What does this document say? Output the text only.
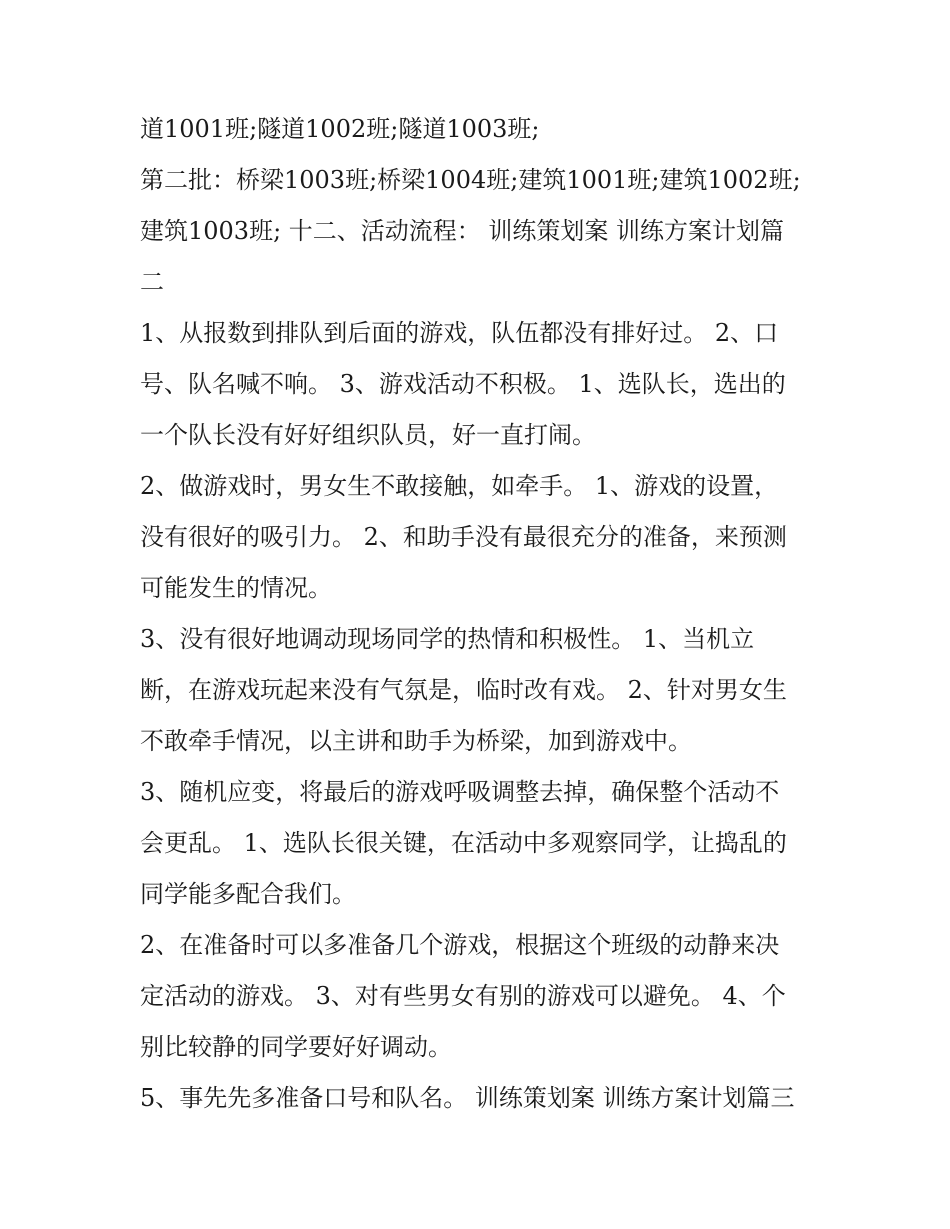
道1001班;隧道1002班;隧道1003班;
第二批：桥梁1003班;桥梁1004班;建筑1001班;建筑1002班;
建筑1003班; 十二、活动流程： 训练策划案 训练方案计划篇
二
1、从报数到排队到后面的游戏，队伍都没有排好过。 2、口
号、队名喊不响。 3、游戏活动不积极。 1、选队长，选出的
一个队长没有好好组织队员，好一直打闹。
2、做游戏时，男女生不敢接触，如牵手。 1、游戏的设置，
没有很好的吸引力。 2、和助手没有最很充分的准备，来预测
可能发生的情况。
3、没有很好地调动现场同学的热情和积极性。 1、当机立
断，在游戏玩起来没有气氛是，临时改有戏。 2、针对男女生
不敢牵手情况，以主讲和助手为桥梁，加到游戏中。
3、随机应变，将最后的游戏呼吸调整去掉，确保整个活动不
会更乱。 1、选队长很关键，在活动中多观察同学，让捣乱的
同学能多配合我们。
2、在准备时可以多准备几个游戏，根据这个班级的动静来决
定活动的游戏。 3、对有些男女有别的游戏可以避免。 4、个
别比较静的同学要好好调动。
5、事先先多准备口号和队名。 训练策划案 训练方案计划篇三
